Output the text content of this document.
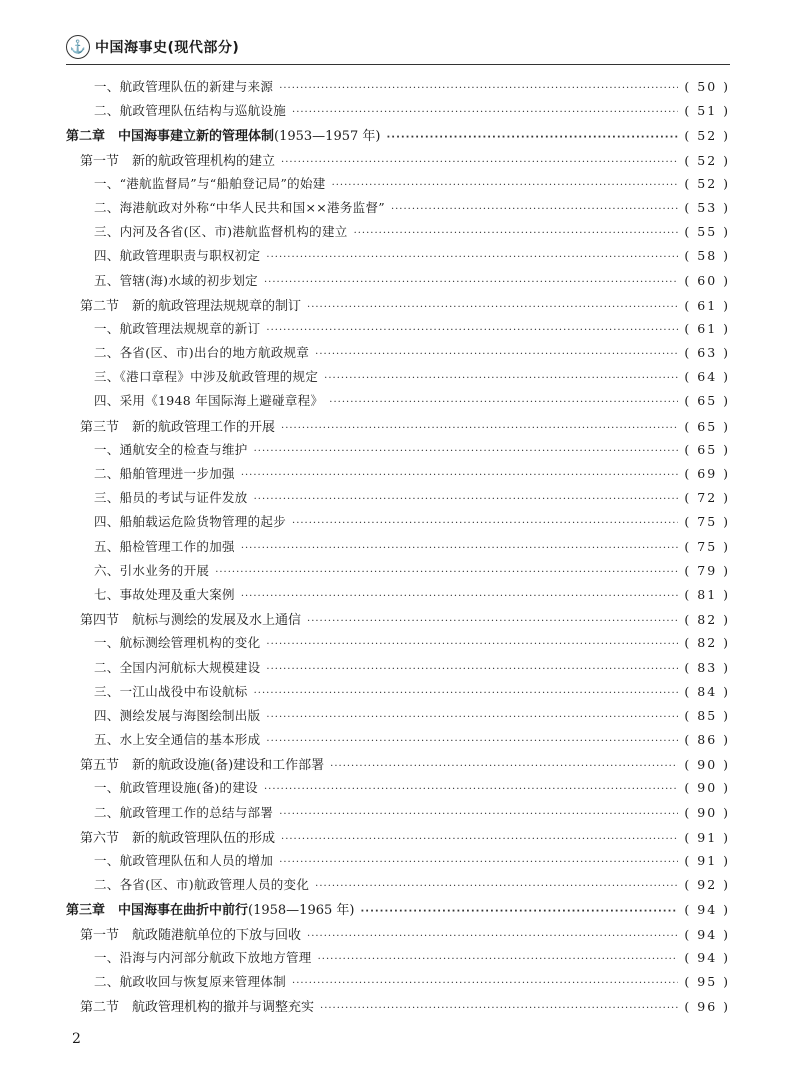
⚓ 中国海事史(现代部分)
一、航政管理队伍的新建与来源 ·····	( 50 )
二、航政管理队伍结构与巡航设施 ·····	( 51 )
第二章　中国海事建立新的管理体制 (1953—1957 年) ·····	( 52 )
第一节　新的航政管理机构的建立 ·····	( 52 )
一、“港航监督局”与“船舶登记局”的始建 ·····	( 52 )
二、海港航政对外称“中华人民共和国××港务监督” ·····	( 53 )
三、内河及各省(区、市)港航监督机构的建立 ·····	( 55 )
四、航政管理职责与职权初定 ·····	( 58 )
五、管辖(海)水域的初步划定 ·····	( 60 )
第二节　新的航政管理法规规章的制订 ·····	( 61 )
一、航政管理法规规章的新订 ·····	( 61 )
二、各省(区、市)出台的地方航政规章 ·····	( 63 )
三、《港口章程》中涉及航政管理的规定 ·····	( 64 )
四、采用《1948 年国际海上避碰章程》 ·····	( 65 )
第三节　新的航政管理工作的开展 ·····	( 65 )
一、通航安全的检查与维护 ·····	( 65 )
二、船舶管理进一步加强 ·····	( 69 )
三、船员的考试与证件发放 ·····	( 72 )
四、船舶载运危险货物管理的起步 ·····	( 75 )
五、船检管理工作的加强 ·····	( 75 )
六、引水业务的开展 ·····	( 79 )
七、事故处理及重大案例 ·····	( 81 )
第四节　航标与测绘的发展及水上通信 ·····	( 82 )
一、航标测绘管理机构的变化 ·····	( 82 )
二、全国内河航标大规模建设 ·····	( 83 )
三、一江山战役中布设航标 ·····	( 84 )
四、测绘发展与海图绘制出版 ·····	( 85 )
五、水上安全通信的基本形成 ·····	( 86 )
第五节　新的航政设施(备)建设和工作部署 ·····	( 90 )
一、航政管理设施(备)的建设 ·····	( 90 )
二、航政管理工作的总结与部署 ·····	( 90 )
第六节　新的航政管理队伍的形成 ·····	( 91 )
一、航政管理队伍和人员的增加 ·····	( 91 )
二、各省(区、市)航政管理人员的变化 ·····	( 92 )
第三章　中国海事在曲折中前行 (1958—1965 年) ·····	( 94 )
第一节　航政随港航单位的下放与回收 ·····	( 94 )
一、沿海与内河部分航政下放地方管理 ·····	( 94 )
二、航政收回与恢复原来管理体制 ·····	( 95 )
第二节　航政管理机构的撤并与调整充实 ·····	( 96 )
2
